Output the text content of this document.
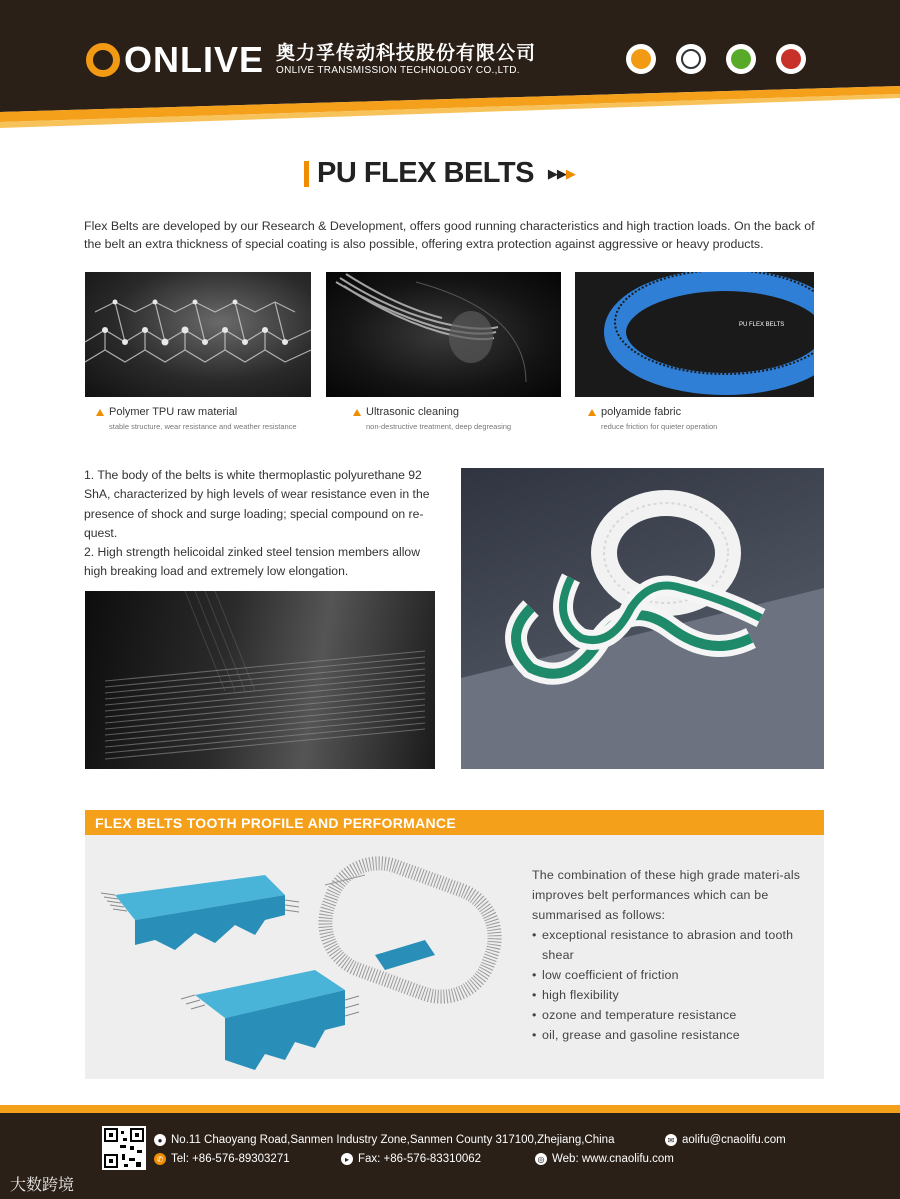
ONLIVE 奥力孚传动科技股份有限公司
ONLIVE TRANSMISSION TECHNOLOGY CO.,LTD.
PU FLEX BELTS ▶▶▶
Flex Belts are developed by our Research & Development, offers good running characteristics and high traction loads. On the back of the belt an extra thickness of special coating is also possible, offering extra protection against aggressive or heavy products.
PU FLEX BELTS
Polymer TPU raw material
stable structure, wear resistance and weather resistance
Ultrasonic cleaning
non-destructive treatment, deep degreasing
polyamide fabric
reduce friction for quieter operation
1. The body of the belts is white thermoplastic polyurethane 92 ShA, characterized by high levels of wear resistance even in the presence of shock and surge loading; special compound on re-quest.
2. High strength helicoidal zinked steel tension members allow high breaking load and extremely low elongation.
FLEX BELTS TOOTH PROFILE AND PERFORMANCE
The combination of these high grade materi-als improves belt performances which can be summarised as follows:
• exceptional resistance to abrasion and tooth shear
• low coefficient of friction
• high flexibility
• ozone and temperature resistance
• oil, grease and gasoline resistance
● No.11 Chaoyang Road,Sanmen Industry Zone,Sanmen County 317100,Zhejiang,China	✉ aolifu@cnaolifu.com
✆ Tel: +86-576-89303271	▸ Fax: +86-576-83310062	◎ Web: www.cnaolifu.com
大数跨境
